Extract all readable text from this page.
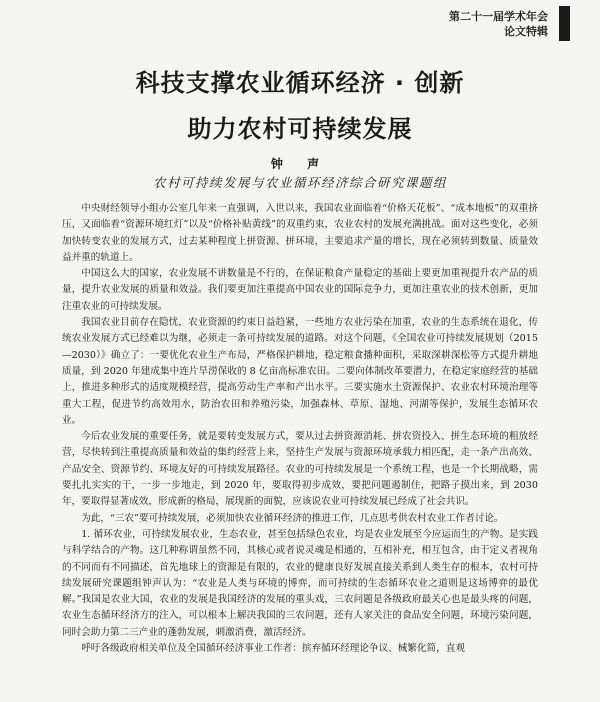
第二十一届学术年会
论文特辑
科技支撑农业循环经济 · 创新
助力农村可持续发展
钟 声
农村可持续发展与农业循环经济综合研究课题组

中央财经领导小组办公室几年来一直强调，入世以来，我国农业面临着“价格天花板”、“成本地板”的双重挤压，又面临着“资源环境红灯”以及“价格补贴黄线”的双重约束，农业农村的发展充满挑战。面对这些变化，必须加快转变农业的发展方式，过去某种程度上拼资源、拼环境，主要追求产量的增长，现在必须转到数量、质量效益并重的轨道上。

中国这么大的国家，农业发展不讲数量是不行的，在保证粮食产量稳定的基础上要更加重视提升农产品的质量，提升农业发展的质量和效益。我们要更加注重提高中国农业的国际竞争力，更加注重农业的技术创新，更加注重农业的可持续发展。

我国农业目前存在隐忧，农业资源的约束日益趋紧，一些地方农业污染在加重，农业的生态系统在退化，传统农业发展方式已经难以为继，必须走一条可持续发展的道路。对这个问题，《全国农业可持续发展规划（2015—2030）》确立了：一要优化农业生产布局，严格保护耕地，稳定粮食播种面积，采取深耕深松等方式提升耕地质量，到 2020 年建成集中连片旱涝保收的 8 亿亩高标准农田。二要向体制改革要潜力，在稳定家庭经营的基础上，推进多种形式的适度规模经营，提高劳动生产率和产出水平。三要实施水土资源保护、农业农村环境治理等重大工程，促进节约高效用水，防治农田和养殖污染，加强森林、草原、湿地、河湖等保护，发展生态循环农业。

今后农业发展的重要任务，就是要转变发展方式，要从过去拼资源消耗、拼农资投入、拼生态环境的粗放经营，尽快转到注重提高质量和效益的集约经营上来，坚持生产发展与资源环境承载力相匹配，走一条产出高效、产品安全、资源节约、环境友好的可持续发展路径。农业的可持续发展是一个系统工程，也是一个长期战略，需要扎扎实实的干，一步一步地走，到 2020 年，要取得初步成效，要把问题遏制住，把路子摸出来，到 2030 年，要取得显著成效，形成新的格局，展现新的面貌，应该说农业可持续发展已经成了社会共识。

为此，“三农”要可持续发展，必须加快农业循环经济的推进工作，几点思考供农村农业工作者讨论。

1. 循环农业，可持续发展农业，生态农业，甚至包括绿色农业，均是农业发展至今应运而生的产物。是实践与科学结合的产物。这几种称谓虽然不同，其核心或者说灵魂是相通的，互相补充，相互包含，由于定义者视角的不同而有不同描述，首先地球上的资源是有限的，农业的健康良好发展直接关系到人类生存的根本，农村可持续发展研究课题组钟声认为：“农业是人类与环境的博弈，而可持续的生态循环农业之道则是这场博弈的最优解。”我国是农业大国，农业的发展是我国经济的发展的重头戏，三农问题是各级政府最关心也是最头疼的问题，农业生态循环经济方的注入，可以根本上解决我国的三农问题，还有人家关注的食品安全问题，环境污染问题，同时会助力第二三产业的蓬勃发展，刺激消费，激活经济。

呼吁各级政府相关单位及全国循环经济事业工作者：摈弃循环经理论争议、械繁化简，直观
